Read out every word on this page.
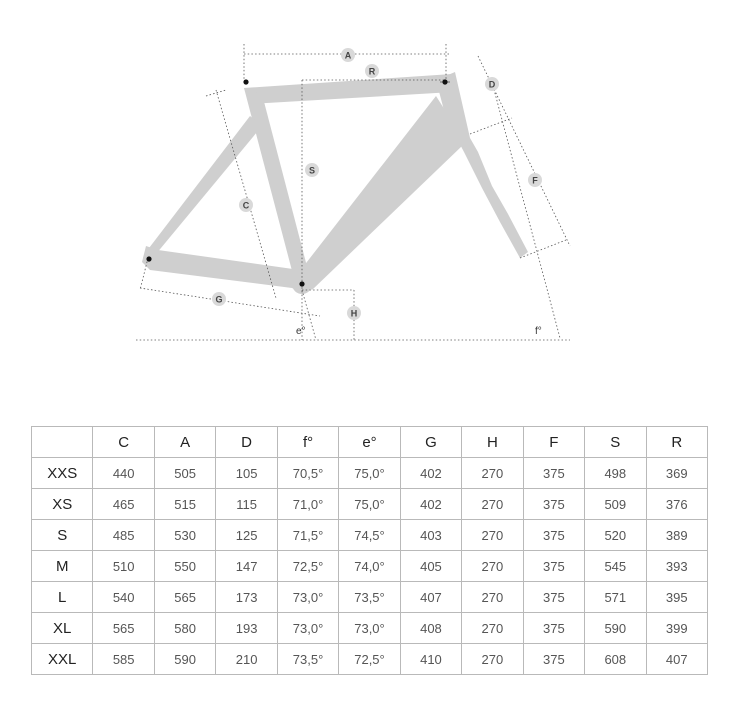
A
R
D
S
F
C
G
H
e°	f°
	C	A	D	f°	e°	G	H	F	S	R
XXS	440	505	105	70,5°	75,0°	402	270	375	498	369
XS	465	515	115	71,0°	75,0°	402	270	375	509	376
S	485	530	125	71,5°	74,5°	403	270	375	520	389
M	510	550	147	72,5°	74,0°	405	270	375	545	393
L	540	565	173	73,0°	73,5°	407	270	375	571	395
XL	565	580	193	73,0°	73,0°	408	270	375	590	399
XXL	585	590	210	73,5°	72,5°	410	270	375	608	407
